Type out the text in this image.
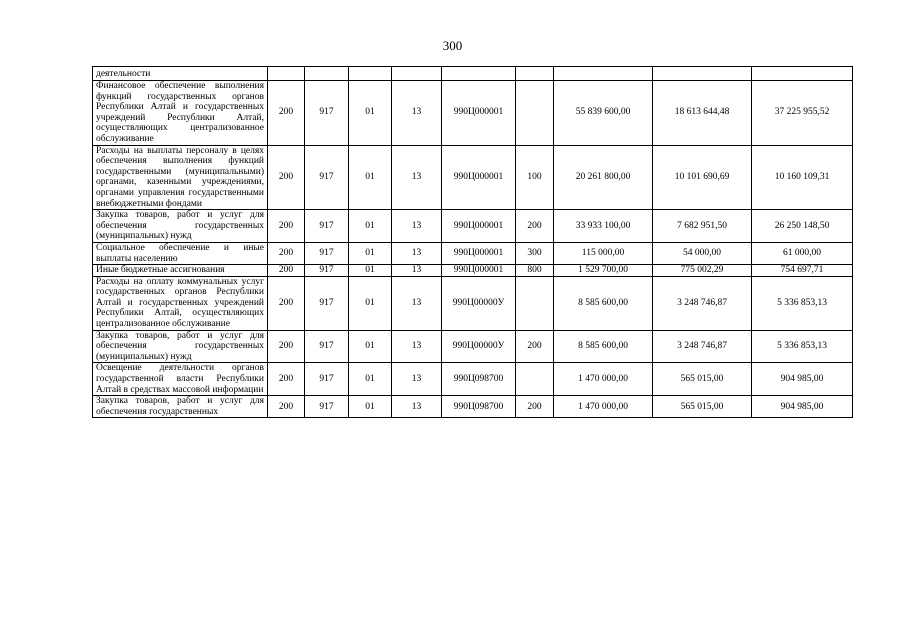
300
деятельности									
Финансовое обеспечение выполнения функций государственных органов Республики Алтай и государственных учреждений Республики Алтай, осуществляющих централизованное обслуживание	200	917	01	13	990Ц000001		55 839 600,00	18 613 644,48	37 225 955,52
Расходы на выплаты персоналу в целях обеспечения выполнения функций государственными (муниципальными) органами, казенными учреждениями, органами управления государственными внебюджетными фондами	200	917	01	13	990Ц000001	100	20 261 800,00	10 101 690,69	10 160 109,31
Закупка товаров, работ и услуг для обеспечения государственных (муниципальных) нужд	200	917	01	13	990Ц000001	200	33 933 100,00	7 682 951,50	26 250 148,50
Социальное обеспечение и иные выплаты населению	200	917	01	13	990Ц000001	300	115 000,00	54 000,00	61 000,00
Иные бюджетные ассигнования	200	917	01	13	990Ц000001	800	1 529 700,00	775 002,29	754 697,71
Расходы на оплату коммунальных услуг государственных органов Республики Алтай и государственных учреждений Республики Алтай, осуществляющих централизованное обслуживание	200	917	01	13	990Ц00000У		8 585 600,00	3 248 746,87	5 336 853,13
Закупка товаров, работ и услуг для обеспечения государственных (муниципальных) нужд	200	917	01	13	990Ц00000У	200	8 585 600,00	3 248 746,87	5 336 853,13
Освещение деятельности органов государственной власти Республики Алтай в средствах массовой информации	200	917	01	13	990Ц098700		1 470 000,00	565 015,00	904 985,00
Закупка товаров, работ и услуг для обеспечения государственных	200	917	01	13	990Ц098700	200	1 470 000,00	565 015,00	904 985,00
